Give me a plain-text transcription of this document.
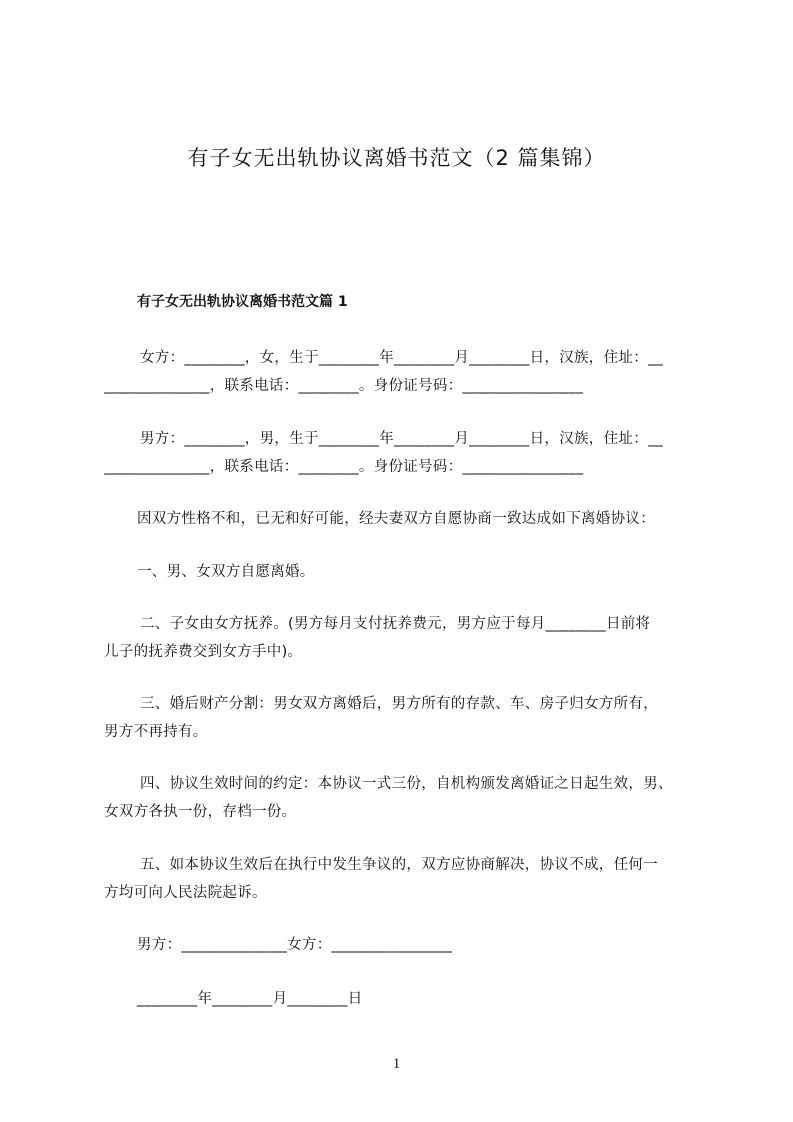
有子女无出轨协议离婚书范文（2 篇集锦）

有子女无出轨协议离婚书范文篇 1

女方：________，女，生于________年________月________日，汉族，住址：__

______________，联系电话：________。身份证号码：________________

男方：________，男，生于________年________月________日，汉族，住址：__

______________，联系电话：________。身份证号码：________________

因双方性格不和，已无和好可能，经夫妻双方自愿协商一致达成如下离婚协议：

一、男、女双方自愿离婚。

二、子女由女方抚养。(男方每月支付抚养费元，男方应于每月________日前将

儿子的抚养费交到女方手中)。

三、婚后财产分割：男女双方离婚后，男方所有的存款、车、房子归女方所有，

男方不再持有。

四、协议生效时间的约定：本协议一式三份，自机构颁发离婚证之日起生效，男、

女双方各执一份，存档一份。

五、如本协议生效后在执行中发生争议的，双方应协商解决，协议不成，任何一

方均可向人民法院起诉。

男方：______________女方：________________

________年________月________日

1
